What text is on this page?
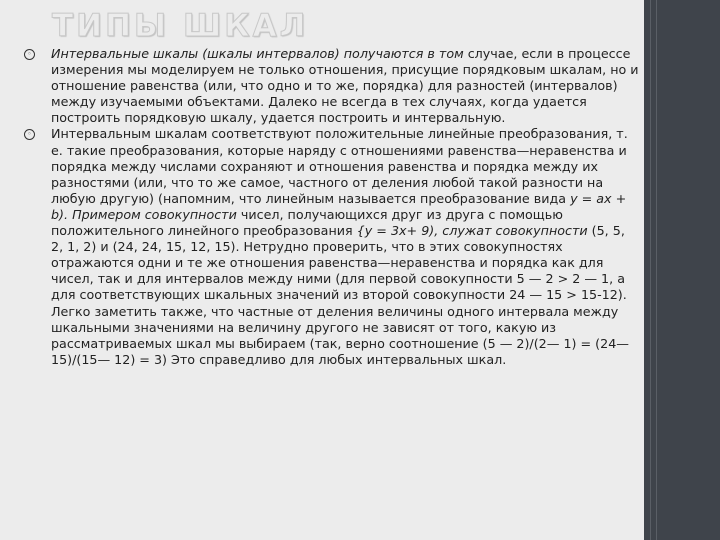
ТИПЫ ШКАЛ

◦ Интервальные шкалы (шкалы интервалов) получаются в том случае, если в процессе измерения мы моделируем не только отношения, присущие порядковым шкалам, но и отношение равенства (или, что одно и то же, порядка) для разностей (интервалов) между изучаемыми объектами. Далеко не всегда в тех случаях, когда удается построить порядковую шкалу, удается построить и интервальную.

◦ Интервальным шкалам соответствуют положительные линейные преобразования, т. е. такие преобразования, которые наряду с отношениями равенства—неравенства и порядка между числами сохраняют и отношения равенства и порядка между их разностями (или, что то же самое, частного от деления любой такой разности на любую другую) (напомним, что линейным называется преобразование вида у = ах + b). Примером совокупности чисел, получающихся друг из друга с помощью положительного линейного преобразования {у = 3х+ 9), служат совокупности (5, 5, 2, 1, 2) и (24, 24, 15, 12, 15). Нетрудно проверить, что в этих совокупностях отражаются одни и те же отношения равенства—неравенства и порядка как для чисел, так и для интервалов между ними (для первой совокупности 5 — 2 > 2 — 1, а для соответствующих шкальных значений из второй совокупности 24 — 15 > 15-12). Легко заметить также, что частные от деления величины одного интервала между шкальными значениями на величину другого не зависят от того, какую из рассматриваемых шкал мы выбираем (так, верно соотношение (5 — 2)/(2— 1) = (24— 15)/(15— 12) = 3) Это справедливо для любых интервальных шкал.
